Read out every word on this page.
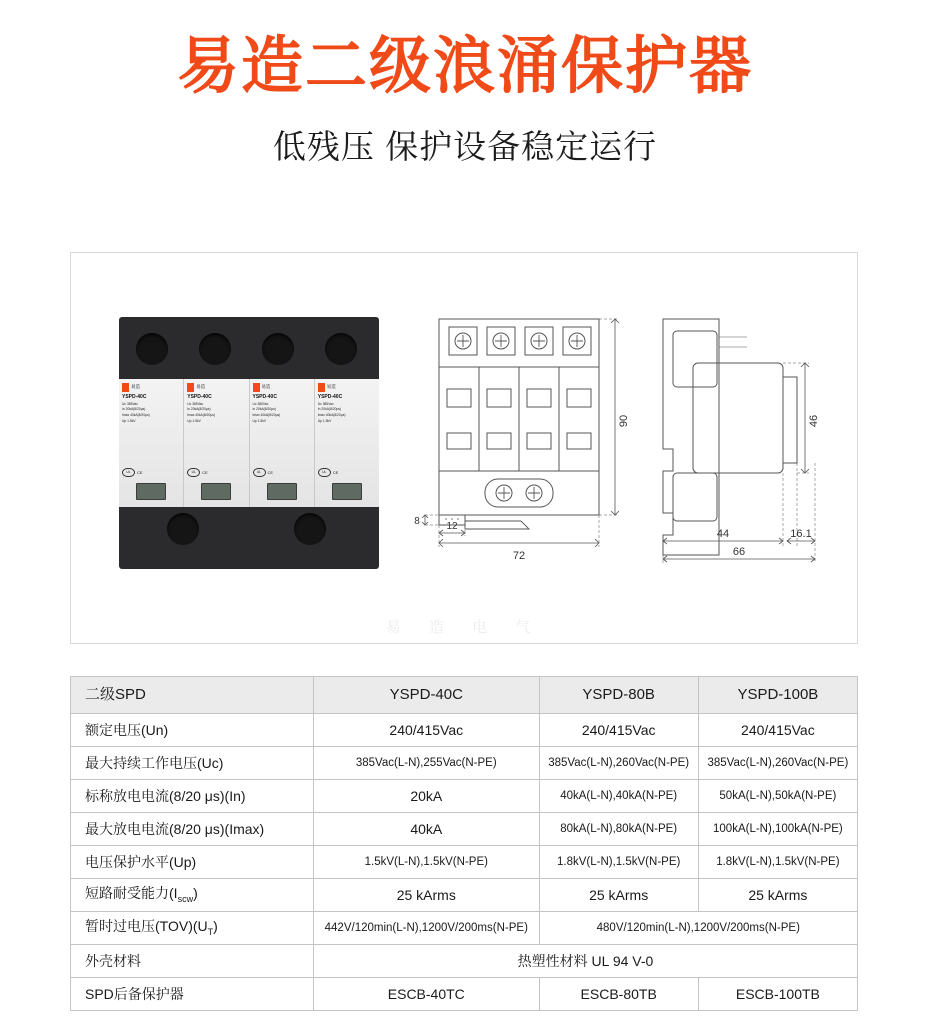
易造二级浪涌保护器
低残压 保护设备稳定运行
易造
YSPD-40C
Uc 385Vac
In 20kA(8/20μs)
Imax 40kA(8/20μs)
Up 1.5kV
UL	CE
易造
YSPD-40C
Uc 385Vac
In 20kA(8/20μs)
Imax 40kA(8/20μs)
Up 1.5kV
UL	CE
易造
YSPD-40C
Uc 385Vac
In 20kA(8/20μs)
Imax 40kA(8/20μs)
Up 1.5kV
UL	CE
易造
YSPD-40C
Uc 385Vac
In 20kA(8/20μs)
Imax 40kA(8/20μs)
Up 1.5kV
UL	CE
90
72
12
8
46
44	16.1
66
易 造 电 气
二级SPD	YSPD-40C	YSPD-80B	YSPD-100B
额定电压(Un)	240/415Vac	240/415Vac	240/415Vac
最大持续工作电压(Uc)	385Vac(L-N),255Vac(N-PE)	385Vac(L-N),260Vac(N-PE)	385Vac(L-N),260Vac(N-PE)
标称放电电流(8/20 μs)(In)	20kA	40kA(L-N),40kA(N-PE)	50kA(L-N),50kA(N-PE)
最大放电电流(8/20 μs)(Imax)	40kA	80kA(L-N),80kA(N-PE)	100kA(L-N),100kA(N-PE)
电压保护水平(Up)	1.5kV(L-N),1.5kV(N-PE)	1.8kV(L-N),1.5kV(N-PE)	1.8kV(L-N),1.5kV(N-PE)
短路耐受能力$(I_{scw})$	25 kArms	25 kArms	25 kArms
暂时过电压$(TOV)(U_T)$	442V/120min(L-N),1200V/200ms(N-PE)	480V/120min(L-N),1200V/200ms(N-PE)	
外壳材料	热塑性材料 UL 94 V-0		
SPD后备保护器	ESCB-40TC	ESCB-80TB	ESCB-100TB
